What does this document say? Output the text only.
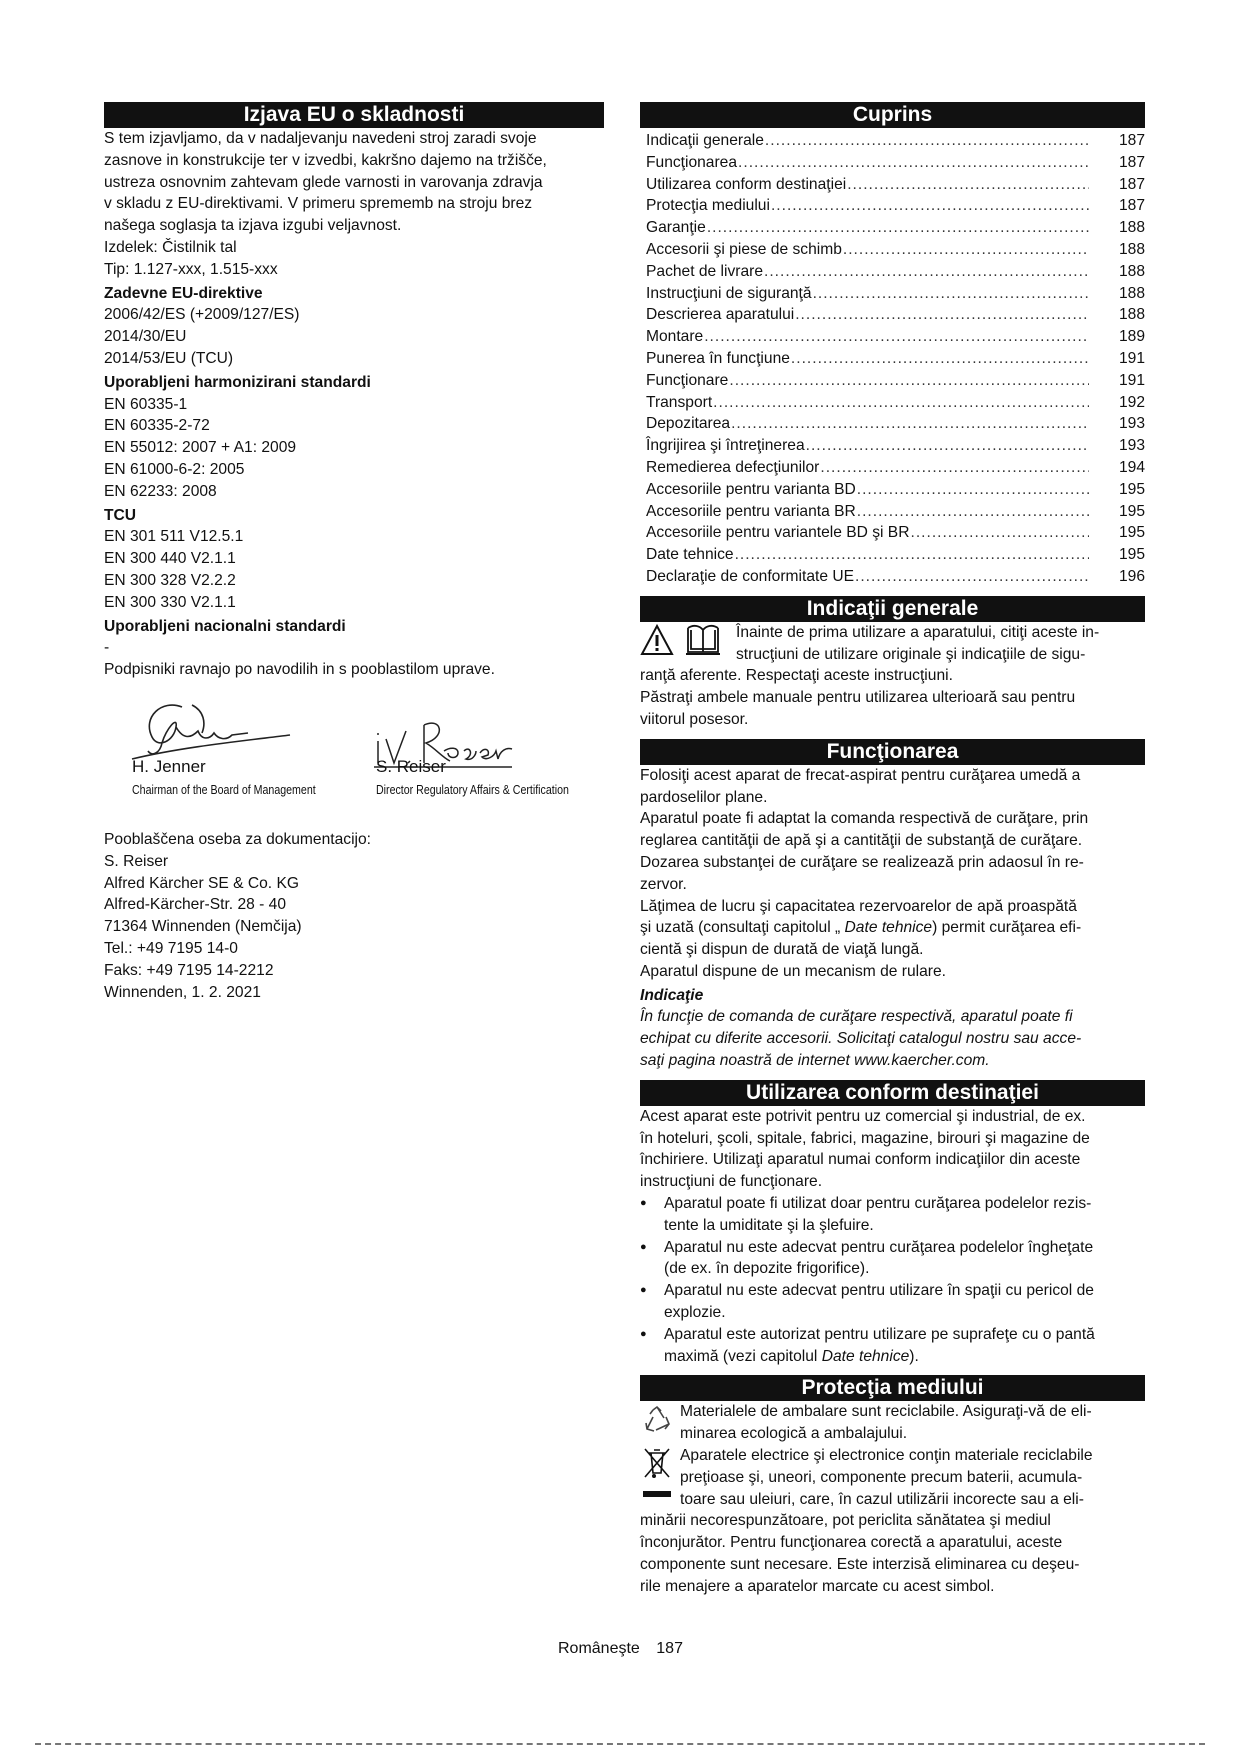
Izjava EU o skladnosti
S tem izjavljamo, da v nadaljevanju navedeni stroj zaradi svoje
zasnove in konstrukcije ter v izvedbi, kakršno dajemo na tržišče,
ustreza osnovnim zahtevam glede varnosti in varovanja zdravja
v skladu z EU-direktivami. V primeru sprememb na stroju brez
našega soglasja ta izjava izgubi veljavnost.
Izdelek: Čistilnik tal
Tip: 1.127-xxx, 1.515-xxx
Zadevne EU-direktive
2006/42/ES (+2009/127/ES)
2014/30/EU
2014/53/EU (TCU)
Uporabljeni harmonizirani standardi
EN 60335-1
EN 60335-2-72
EN 55012: 2007 + A1: 2009
EN 61000-6-2: 2005
EN 62233: 2008
TCU
EN 301 511 V12.5.1
EN 300 440 V2.1.1
EN 300 328 V2.2.2
EN 300 330 V2.1.1
Uporabljeni nacionalni standardi
-
Podpisniki ravnajo po navodilih in s pooblastilom uprave.
H. Jenner
Chairman of the Board of Management
S. Reiser
Director Regulatory Affairs & Certification
Pooblaščena oseba za dokumentacijo:
S. Reiser
Alfred Kärcher SE & Co. KG
Alfred-Kärcher-Str. 28 - 40
71364 Winnenden (Nemčija)
Tel.: +49 7195 14-0
Faks: +49 7195 14-2212
Winnenden, 1. 2. 2021
Cuprins
Indicaţii generale .....	187
Funcţionarea .....	187
Utilizarea conform destinaţiei .....	187
Protecţia mediului .....	187
Garanţie .....	188
Accesorii şi piese de schimb .....	188
Pachet de livrare .....	188
Instrucţiuni de siguranţă .....	188
Descrierea aparatului .....	188
Montare .....	189
Punerea în funcţiune .....	191
Funcţionare .....	191
Transport .....	192
Depozitarea .....	193
Îngrijirea şi întreţinerea .....	193
Remedierea defecţiunilor .....	194
Accesoriile pentru varianta BD .....	195
Accesoriile pentru varianta BR .....	195
Accesoriile pentru variantele BD şi BR .....	195
Date tehnice .....	195
Declaraţie de conformitate UE .....	196
Indicaţii generale
Înainte de prima utilizare a aparatului, citiţi aceste in-
strucţiuni de utilizare originale şi indicaţiile de sigu-
ranţă aferente. Respectaţi aceste instrucţiuni.
Păstraţi ambele manuale pentru utilizarea ulterioară sau pentru
viitorul posesor.
Funcţionarea
Folosiţi acest aparat de frecat-aspirat pentru curăţarea umedă a
pardoselilor plane.
Aparatul poate fi adaptat la comanda respectivă de curăţare, prin
reglarea cantităţii de apă şi a cantităţii de substanţă de curăţare.
Dozarea substanţei de curăţare se realizează prin adaosul în re-
zervor.
Lăţimea de lucru şi capacitatea rezervoarelor de apă proaspătă
şi uzată (consultaţi capitolul „ Date tehnice) permit curăţarea efi-
cientă şi dispun de durată de viaţă lungă.
Aparatul dispune de un mecanism de rulare.
Indicaţie
În funcţie de comanda de curăţare respectivă, aparatul poate fi
echipat cu diferite accesorii. Solicitaţi catalogul nostru sau acce-
saţi pagina noastră de internet www.kaercher.com.
Utilizarea conform destinaţiei
Acest aparat este potrivit pentru uz comercial şi industrial, de ex.
în hoteluri, şcoli, spitale, fabrici, magazine, birouri şi magazine de
închiriere. Utilizaţi aparatul numai conform indicaţiilor din aceste
instrucţiuni de funcţionare.
● Aparatul poate fi utilizat doar pentru curăţarea podelelor rezis-
tente la umiditate şi la şlefuire.
● Aparatul nu este adecvat pentru curăţarea podelelor îngheţate
(de ex. în depozite frigorifice).
● Aparatul nu este adecvat pentru utilizare în spaţii cu pericol de
explozie.
● Aparatul este autorizat pentru utilizare pe suprafeţe cu o pantă
maximă (vezi capitolul Date tehnice).
Protecţia mediului
Materialele de ambalare sunt reciclabile. Asiguraţi-vă de eli-
minarea ecologică a ambalajului.
Aparatele electrice şi electronice conţin materiale reciclabile
preţioase şi, uneori, componente precum baterii, acumula-
toare sau uleiuri, care, în cazul utilizării incorecte sau a eli-
minării necorespunzătoare, pot periclita sănătatea şi mediul
înconjurător. Pentru funcţionarea corectă a aparatului, aceste
componente sunt necesare. Este interzisă eliminarea cu deşeu-
rile menajere a aparatelor marcate cu acest simbol.
Româneşte 187
